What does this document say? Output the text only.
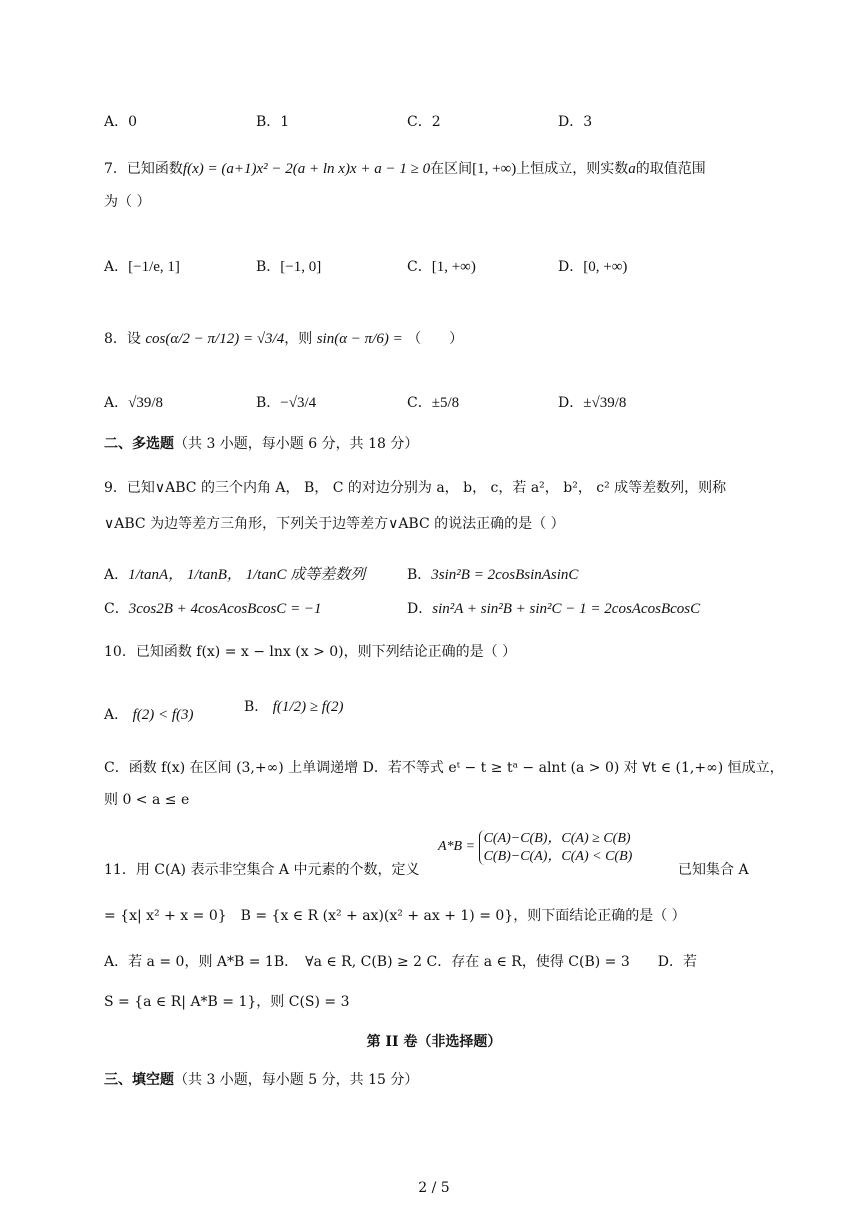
A．0	B．1	C．2	D．3
7．已知函数f(x) = (a+1)x² − 2(a + ln x)x + a − 1 ≥ 0在区间[1, +∞)上恒成立，则实数a的取值范围
为（ ）
A．[−1/e, 1]	B．[−1, 0]	C．[1, +∞)	D．[0, +∞)
8．设 cos(α/2 − π/12) = √3/4，则 sin(α − π/6) = （　　）
A．√39/8	B．−√3/4	C．±5/8	D．±√39/8
二、多选题（共 3 小题，每小题 6 分，共 18 分）
9．已知∨ABC 的三个内角 A， B， C 的对边分别为 a， b， c，若 a²， b²， c² 成等差数列，则称
∨ABC 为边等差方三角形，下列关于边等差方∨ABC 的说法正确的是（ ）
A．1/tanA， 1/tanB， 1/tanC 成等差数列	B．3sin²B = 2cosBsinAsinC
C．3cos2B + 4cosAcosBcosC = −1	D．sin²A + sin²B + sin²C − 1 = 2cosAcosBcosC
10．已知函数 f(x) = x − lnx (x > 0)，则下列结论正确的是（ ）
A． f(2) < f(3)	B． f(1/2) ≥ f(2)
C．函数 f(x) 在区间 (3,+∞) 上单调递增 D．若不等式 eᵗ − t ≥ tᵃ − alnt (a > 0) 对 ∀t ∈ (1,+∞) 恒成立，
则 0 < a ≤ e
A*B =
C(A)−C(B)，C(A) ≥ C(B)
C(B)−C(A)，C(A) < C(B)
11．用 C(A) 表示非空集合 A 中元素的个数，定义	已知集合 A
= {x| x² + x = 0}　B = {x ∈ R (x² + ax)(x² + ax + 1) = 0}，则下面结论正确的是（ ）
A．若 a = 0，则 A*B = 1B．　∀a ∈ R, C(B) ≥ 2 C．存在 a ∈ R，使得 C(B) = 3　　D．若
S = {a ∈ R| A*B = 1}，则 C(S) = 3
第 II 卷（非选择题）
三、填空题（共 3 小题，每小题 5 分，共 15 分）
2 / 5
